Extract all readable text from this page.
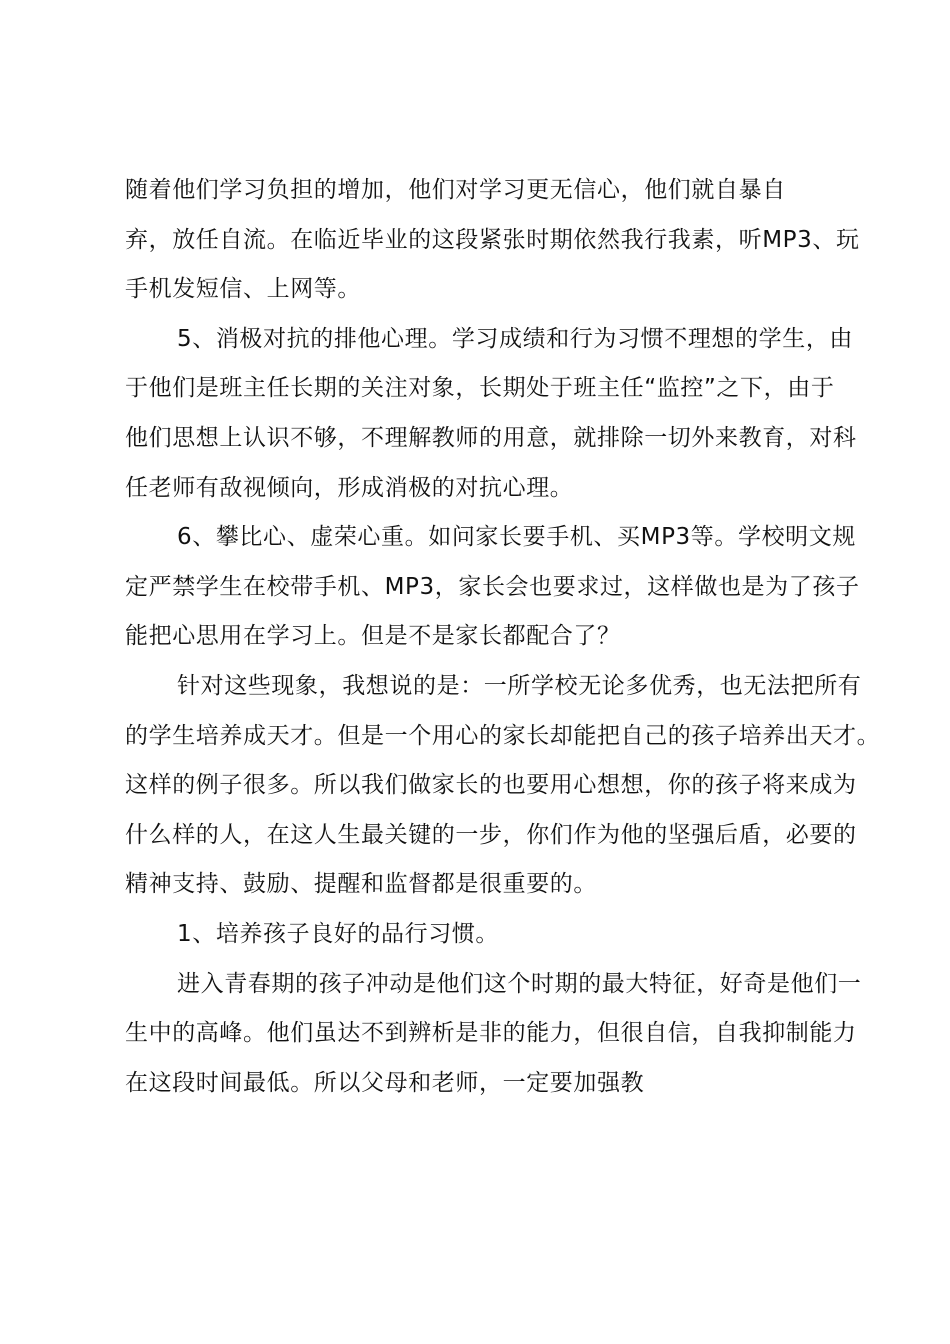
随着他们学习负担的增加，他们对学习更无信心，他们就自暴自
弃，放任自流。在临近毕业的这段紧张时期依然我行我素，听MP3、玩
手机发短信、上网等。
5、消极对抗的排他心理。学习成绩和行为习惯不理想的学生，由
于他们是班主任长期的关注对象，长期处于班主任“监控”之下，由于
他们思想上认识不够，不理解教师的用意，就排除一切外来教育，对科
任老师有敌视倾向，形成消极的对抗心理。
6、攀比心、虚荣心重。如问家长要手机、买MP3等。学校明文规
定严禁学生在校带手机、MP3，家长会也要求过，这样做也是为了孩子
能把心思用在学习上。但是不是家长都配合了？
针对这些现象，我想说的是：一所学校无论多优秀，也无法把所有
的学生培养成天才。但是一个用心的家长却能把自己的孩子培养出天才。
这样的例子很多。所以我们做家长的也要用心想想，你的孩子将来成为
什么样的人，在这人生最关键的一步，你们作为他的坚强后盾，必要的
精神支持、鼓励、提醒和监督都是很重要的。
1、培养孩子良好的品行习惯。
进入青春期的孩子冲动是他们这个时期的最大特征，好奇是他们一
生中的高峰。他们虽达不到辨析是非的能力，但很自信，自我抑制能力
在这段时间最低。所以父母和老师，一定要加强教
